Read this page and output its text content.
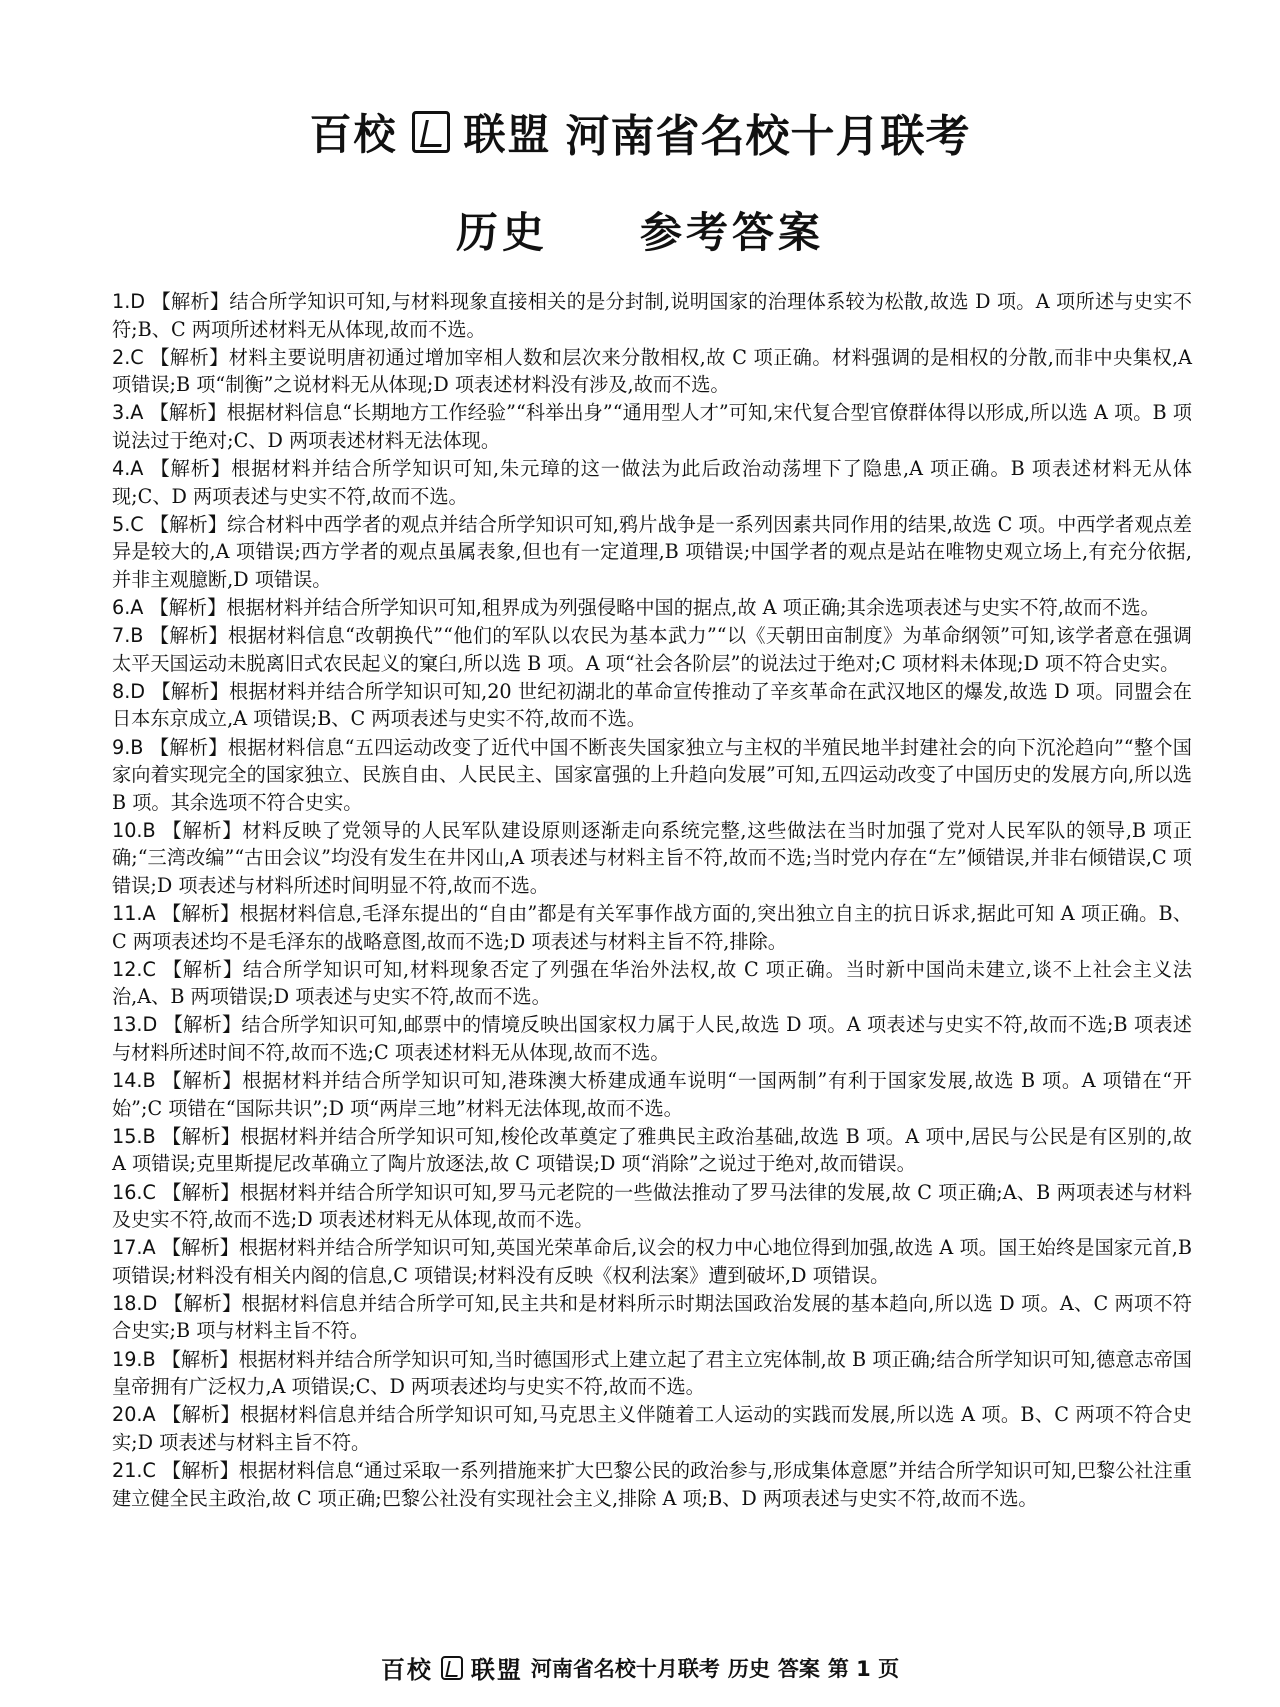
百校 联盟 河南省名校十月联考
历史 参考答案

1.D 【解析】结合所学知识可知,与材料现象直接相关的是分封制,说明国家的治理体系较为松散,故选 D 项。A 项所述与史实不符;B、C 两项所述材料无从体现,故而不选。

2.C 【解析】材料主要说明唐初通过增加宰相人数和层次来分散相权,故 C 项正确。材料强调的是相权的分散,而非中央集权,A 项错误;B 项“制衡”之说材料无从体现;D 项表述材料没有涉及,故而不选。

3.A 【解析】根据材料信息“长期地方工作经验”“科举出身”“通用型人才”可知,宋代复合型官僚群体得以形成,所以选 A 项。B 项说法过于绝对;C、D 两项表述材料无法体现。

4.A 【解析】根据材料并结合所学知识可知,朱元璋的这一做法为此后政治动荡埋下了隐患,A 项正确。B 项表述材料无从体现;C、D 两项表述与史实不符,故而不选。

5.C 【解析】综合材料中西学者的观点并结合所学知识可知,鸦片战争是一系列因素共同作用的结果,故选 C 项。中西学者观点差异是较大的,A 项错误;西方学者的观点虽属表象,但也有一定道理,B 项错误;中国学者的观点是站在唯物史观立场上,有充分依据,并非主观臆断,D 项错误。

6.A 【解析】根据材料并结合所学知识可知,租界成为列强侵略中国的据点,故 A 项正确;其余选项表述与史实不符,故而不选。

7.B 【解析】根据材料信息“改朝换代”“他们的军队以农民为基本武力”“以《天朝田亩制度》为革命纲领”可知,该学者意在强调太平天国运动未脱离旧式农民起义的窠臼,所以选 B 项。A 项“社会各阶层”的说法过于绝对;C 项材料未体现;D 项不符合史实。

8.D 【解析】根据材料并结合所学知识可知,20 世纪初湖北的革命宣传推动了辛亥革命在武汉地区的爆发,故选 D 项。同盟会在日本东京成立,A 项错误;B、C 两项表述与史实不符,故而不选。

9.B 【解析】根据材料信息“五四运动改变了近代中国不断丧失国家独立与主权的半殖民地半封建社会的向下沉沦趋向”“整个国家向着实现完全的国家独立、民族自由、人民民主、国家富强的上升趋向发展”可知,五四运动改变了中国历史的发展方向,所以选 B 项。其余选项不符合史实。

10.B 【解析】材料反映了党领导的人民军队建设原则逐渐走向系统完整,这些做法在当时加强了党对人民军队的领导,B 项正确;“三湾改编”“古田会议”均没有发生在井冈山,A 项表述与材料主旨不符,故而不选;当时党内存在“左”倾错误,并非右倾错误,C 项错误;D 项表述与材料所述时间明显不符,故而不选。

11.A 【解析】根据材料信息,毛泽东提出的“自由”都是有关军事作战方面的,突出独立自主的抗日诉求,据此可知 A 项正确。B、C 两项表述均不是毛泽东的战略意图,故而不选;D 项表述与材料主旨不符,排除。

12.C 【解析】结合所学知识可知,材料现象否定了列强在华治外法权,故 C 项正确。当时新中国尚未建立,谈不上社会主义法治,A、B 两项错误;D 项表述与史实不符,故而不选。

13.D 【解析】结合所学知识可知,邮票中的情境反映出国家权力属于人民,故选 D 项。A 项表述与史实不符,故而不选;B 项表述与材料所述时间不符,故而不选;C 项表述材料无从体现,故而不选。

14.B 【解析】根据材料并结合所学知识可知,港珠澳大桥建成通车说明“一国两制”有利于国家发展,故选 B 项。A 项错在“开始”;C 项错在“国际共识”;D 项“两岸三地”材料无法体现,故而不选。

15.B 【解析】根据材料并结合所学知识可知,梭伦改革奠定了雅典民主政治基础,故选 B 项。A 项中,居民与公民是有区别的,故 A 项错误;克里斯提尼改革确立了陶片放逐法,故 C 项错误;D 项“消除”之说过于绝对,故而错误。

16.C 【解析】根据材料并结合所学知识可知,罗马元老院的一些做法推动了罗马法律的发展,故 C 项正确;A、B 两项表述与材料及史实不符,故而不选;D 项表述材料无从体现,故而不选。

17.A 【解析】根据材料并结合所学知识可知,英国光荣革命后,议会的权力中心地位得到加强,故选 A 项。国王始终是国家元首,B 项错误;材料没有相关内阁的信息,C 项错误;材料没有反映《权利法案》遭到破坏,D 项错误。

18.D 【解析】根据材料信息并结合所学可知,民主共和是材料所示时期法国政治发展的基本趋向,所以选 D 项。A、C 两项不符合史实;B 项与材料主旨不符。

19.B 【解析】根据材料并结合所学知识可知,当时德国形式上建立起了君主立宪体制,故 B 项正确;结合所学知识可知,德意志帝国皇帝拥有广泛权力,A 项错误;C、D 两项表述均与史实不符,故而不选。

20.A 【解析】根据材料信息并结合所学知识可知,马克思主义伴随着工人运动的实践而发展,所以选 A 项。B、C 两项不符合史实;D 项表述与材料主旨不符。

21.C 【解析】根据材料信息“通过采取一系列措施来扩大巴黎公民的政治参与,形成集体意愿”并结合所学知识可知,巴黎公社注重建立健全民主政治,故 C 项正确;巴黎公社没有实现社会主义,排除 A 项;B、D 两项表述与史实不符,故而不选。

百校 联盟 河南省名校十月联考 历史 答案 第 1 页
